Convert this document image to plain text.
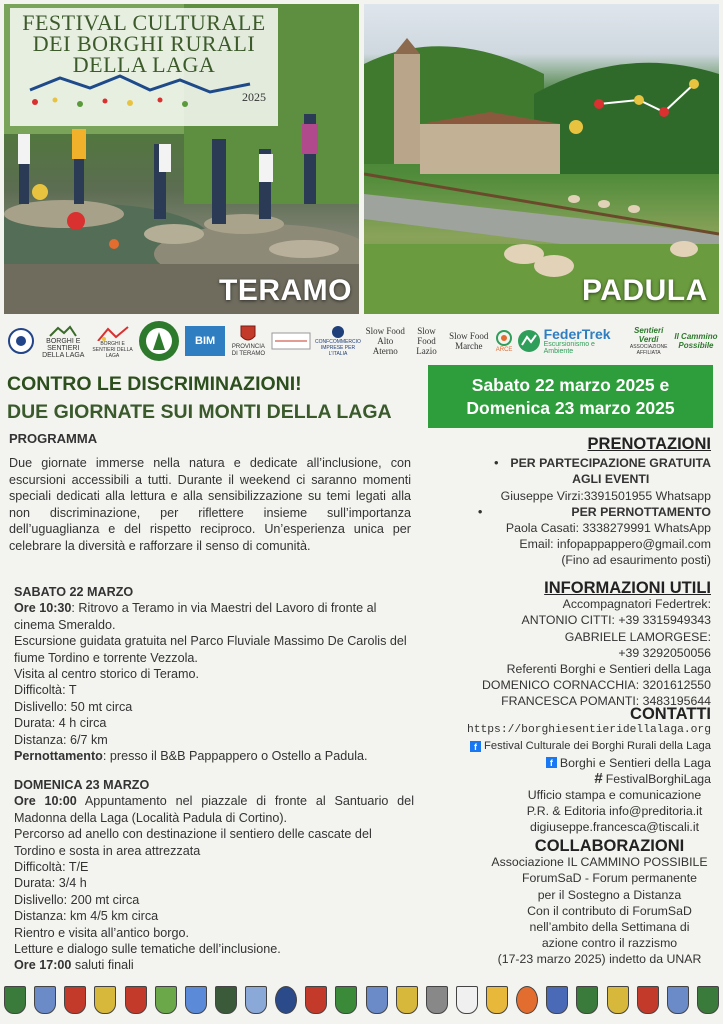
FESTIVAL CULTURALE
DEI BORGHI RURALI
DELLA LAGA
2025
TERAMO	PADULA
BORGHI E SENTIERI DELLA LAGA
BORGHI E SENTIERI DELLA LAGA
BIM	PROVINCIA DI TERAMO
CONFCOMMERCIO IMPRESE PER L'ITALIA
Slow Food Alto Aterno
Slow Food Lazio
Slow Food Marche	ARCE
FederTrek
Escursionismo e Ambiente
Sentieri Verdi
ASSOCIAZIONE AFFILIATA
Il Cammino Possibile
CONTRO LE DISCRIMINAZIONI!
DUE GIORNATE SUI MONTI DELLA LAGA
PROGRAMMA

Due giornate immerse nella natura e dedicate all’inclusione, con escursioni accessibili a tutti. Durante il weekend ci saranno momenti speciali dedicati alla lettura e alla sensibilizzazione su temi legati alla non discriminazione, per riflettere insieme sull’importanza dell’uguaglianza e del rispetto reciproco. Un’esperienza unica per celebrare la diversità e rafforzare il senso di comunità.

SABATO 22 MARZO
Ore 10:30: Ritrovo a Teramo in via Maestri del Lavoro di fronte al cinema Smeraldo.
Escursione guidata gratuita nel Parco Fluviale Massimo De Carolis del fiume Tordino e torrente Vezzola.
Visita al centro storico di Teramo.
Difficoltà: T
Dislivello: 50 mt circa
Durata: 4 h circa
Distanza: 6/7 km
Pernottamento: presso il B&B Pappappero o Ostello a Padula.
DOMENICA 23 MARZO
Ore 10:00 Appuntamento nel piazzale di fronte al Santuario del Madonna della Laga (Località Padula di Cortino).
Percorso ad anello con destinazione il sentiero delle cascate del Tordino e sosta in area attrezzata
Difficoltà: T/E
Durata: 3/4 h
Dislivello: 200 mt circa
Distanza: km 4/5 km circa
Rientro e visita all’antico borgo.
Letture e dialogo sulle tematiche dell’inclusione.
Ore 17:00 saluti finali
Sabato 22 marzo 2025 e
Domenica 23 marzo 2025
PRENOTAZIONI
• PER PARTECIPAZIONE GRATUITA
AGLI EVENTI
Giuseppe Virzi:3391501955 Whatsapp
•	PER PERNOTTAMENTO
Paola Casati: 3338279991 WhatsApp
Email: infopappappero@gmail.com
(Fino ad esaurimento posti)
INFORMAZIONI UTILI
Accompagnatori Federtrek:
ANTONIO CITTI: +39 3315949343
GABRIELE LAMORGESE:
+39 3292050056
Referenti Borghi e Sentieri della Laga
DOMENICO CORNACCHIA: 3201612550
FRANCESCA POMANTI: 3483195644
CONTATTI
https://borghiesentieridellalaga.org
f Festival Culturale dei Borghi Rurali della Laga
f Borghi e Sentieri della Laga
# FestivalBorghiLaga
Ufficio stampa e comunicazione
P.R. & Editoria info@preditoria.it
digiuseppe.francesca@tiscali.it
COLLABORAZIONI
Associazione IL CAMMINO POSSIBILE
ForumSaD - Forum permanente
per il Sostegno a Distanza
Con il contributo di ForumSaD
nell’ambito della Settimana di
azione contro il razzismo
(17-23 marzo 2025) indetto da UNAR
